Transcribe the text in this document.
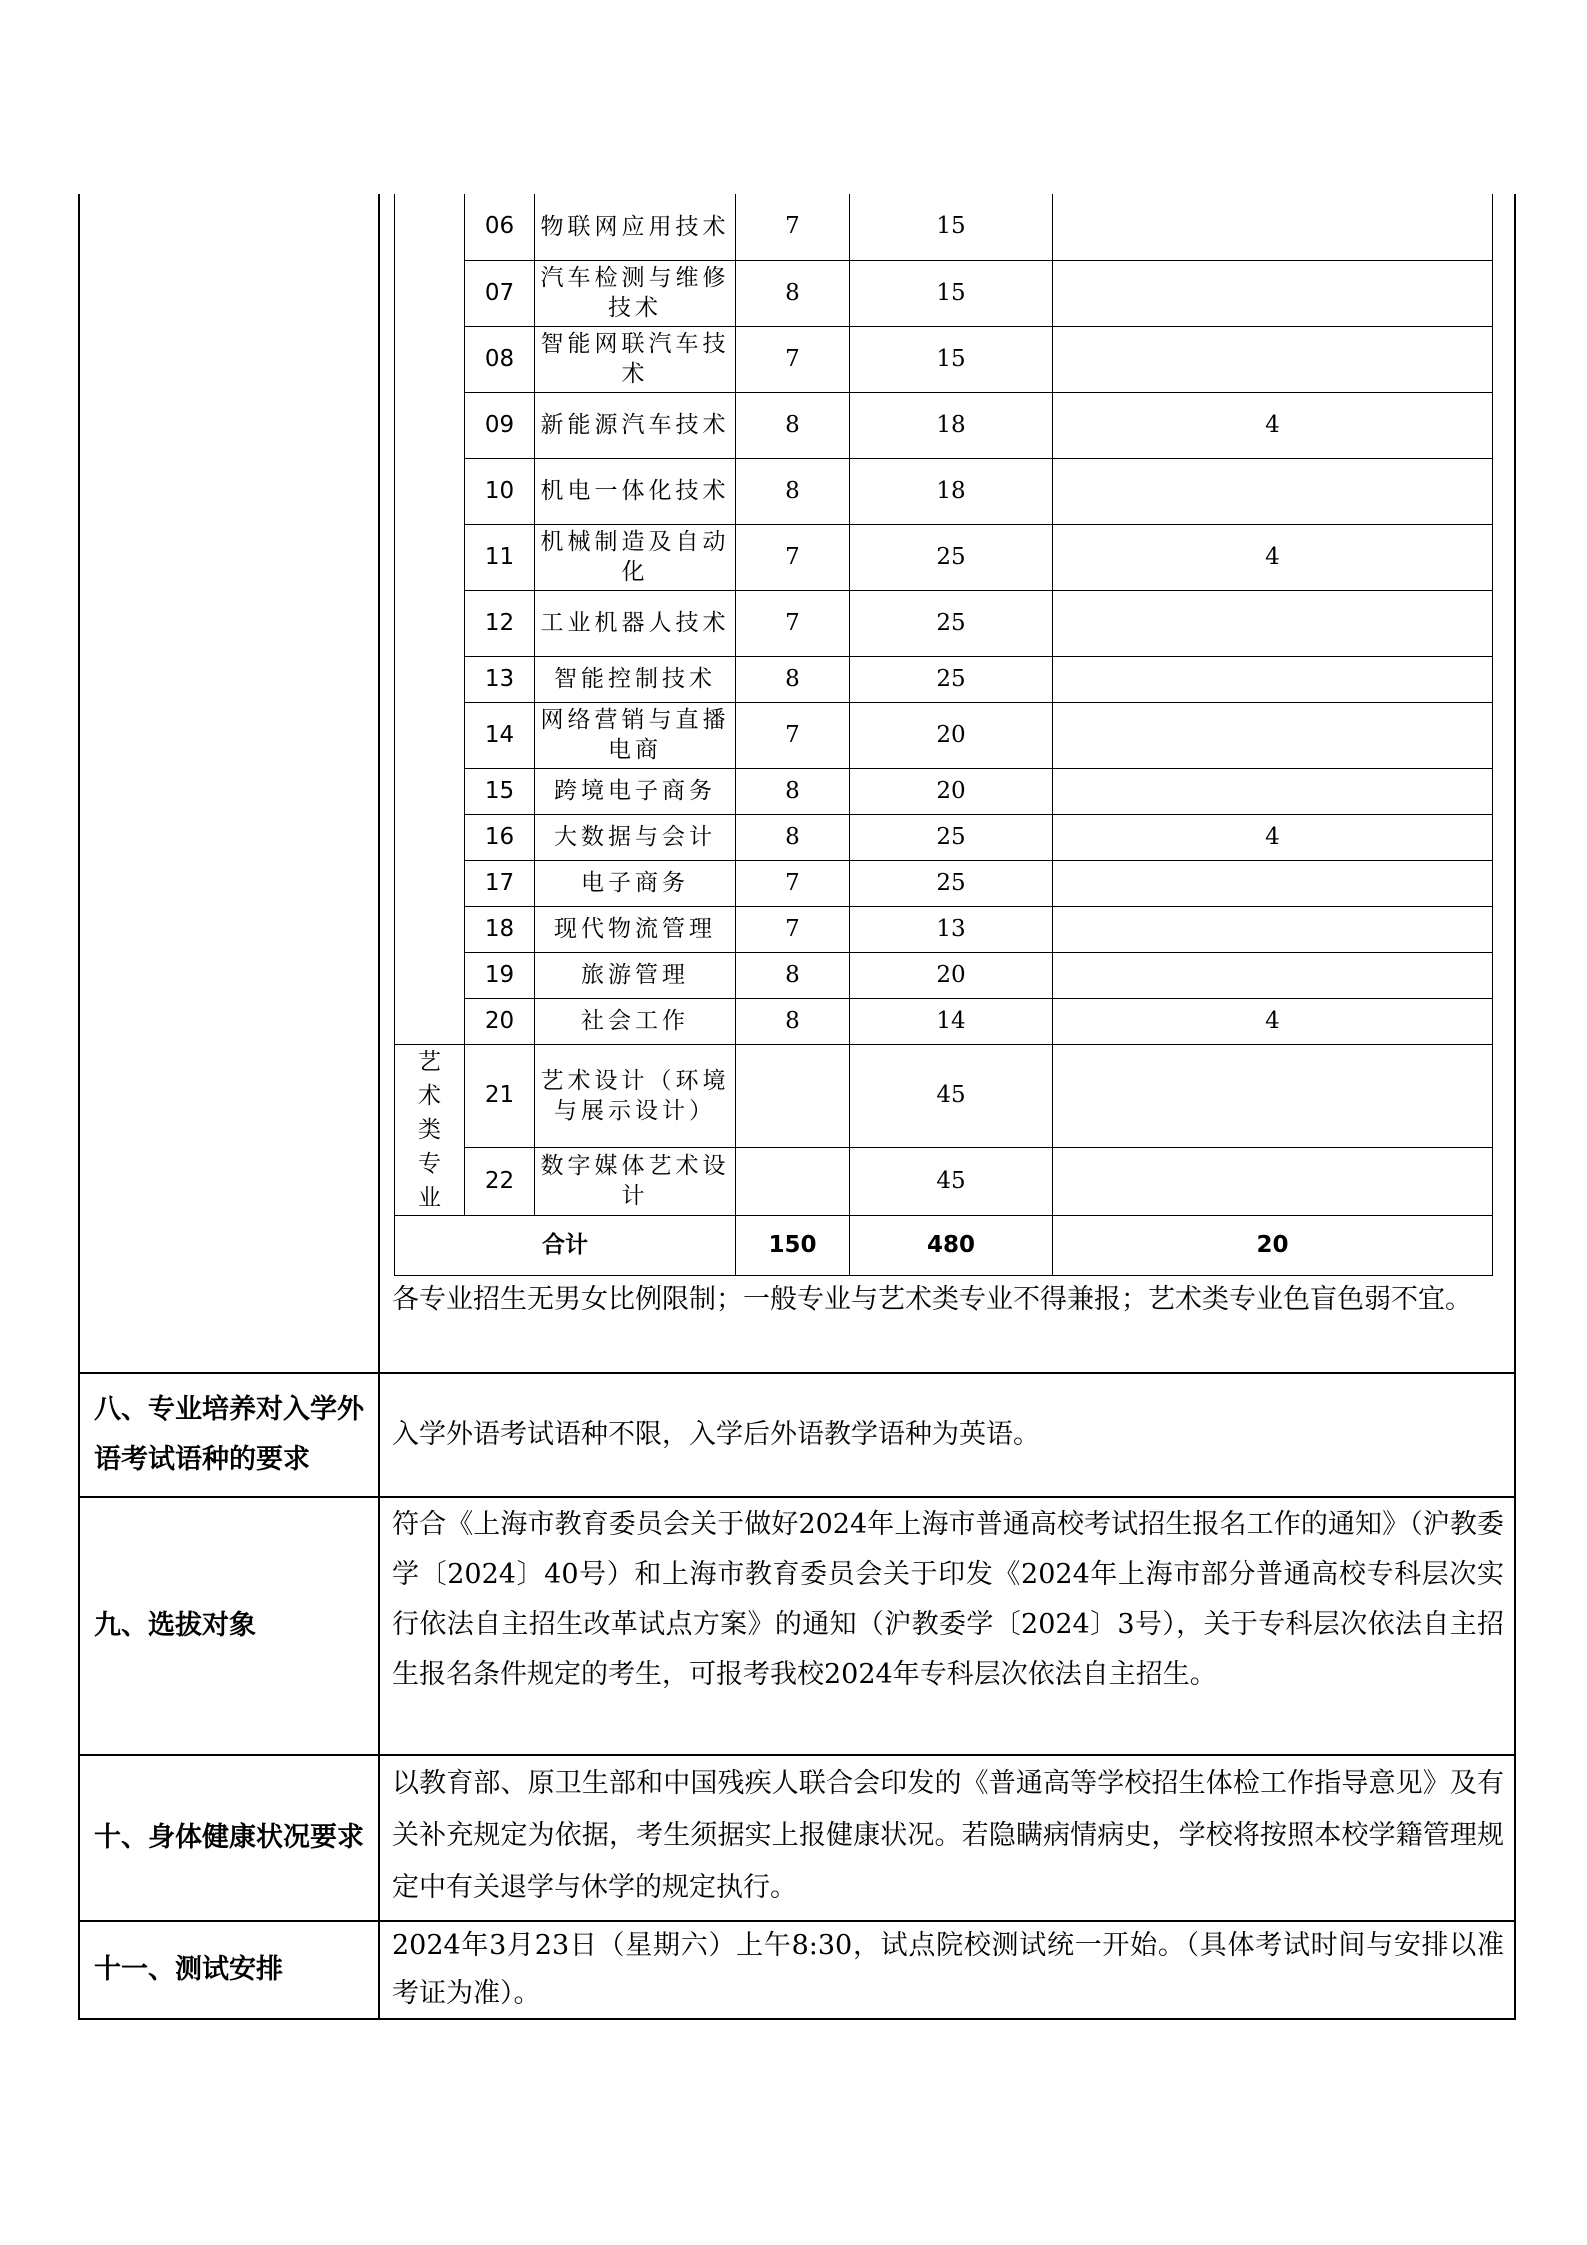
各专业招生无男女比例限制；一般专业与艺术类专业不得兼报；艺术类专业色盲色弱不宜。
八、专业培养对入学外语考试语种的要求
入学外语考试语种不限，入学后外语教学语种为英语。
九、选拔对象
符合《上海市教育委员会关于做好2024年上海市普通高校考试招生报名工作的通知》（沪教委学〔2024〕40号）和上海市教育委员会关于印发《2024年上海市部分普通高校专科层次实行依法自主招生改革试点方案》的通知（沪教委学〔2024〕3号），关于专科层次依法自主招生报名条件规定的考生，可报考我校2024年专科层次依法自主招生。
十、身体健康状况要求
以教育部、原卫生部和中国残疾人联合会印发的《普通高等学校招生体检工作指导意见》及有关补充规定为依据，考生须据实上报健康状况。若隐瞒病情病史，学校将按照本校学籍管理规定中有关退学与休学的规定执行。
十一、测试安排
2024年3月23日（星期六）上午8:30，试点院校测试统一开始。（具体考试时间与安排以准考证为准）。
	06	物联网应用技术	7	15	
	07	汽车检测与维修技术	8	15	
	08	智能网联汽车技术	7	15	
	09	新能源汽车技术	8	18	4
	10	机电一体化技术	8	18	
	11	机械制造及自动化	7	25	4
	12	工业机器人技术	7	25	
	13	智能控制技术	8	25	
	14	网络营销与直播电商	7	20	
	15	跨境电子商务	8	20	
	16	大数据与会计	8	25	4
	17	电子商务	7	25	
	18	现代物流管理	7	13	
	19	旅游管理	8	20	
	20	社会工作	8	14	4
艺术类专业	21	艺术设计（环境与展示设计）		45	
	22	数字媒体艺术设计		45	
合计			150	480	20
